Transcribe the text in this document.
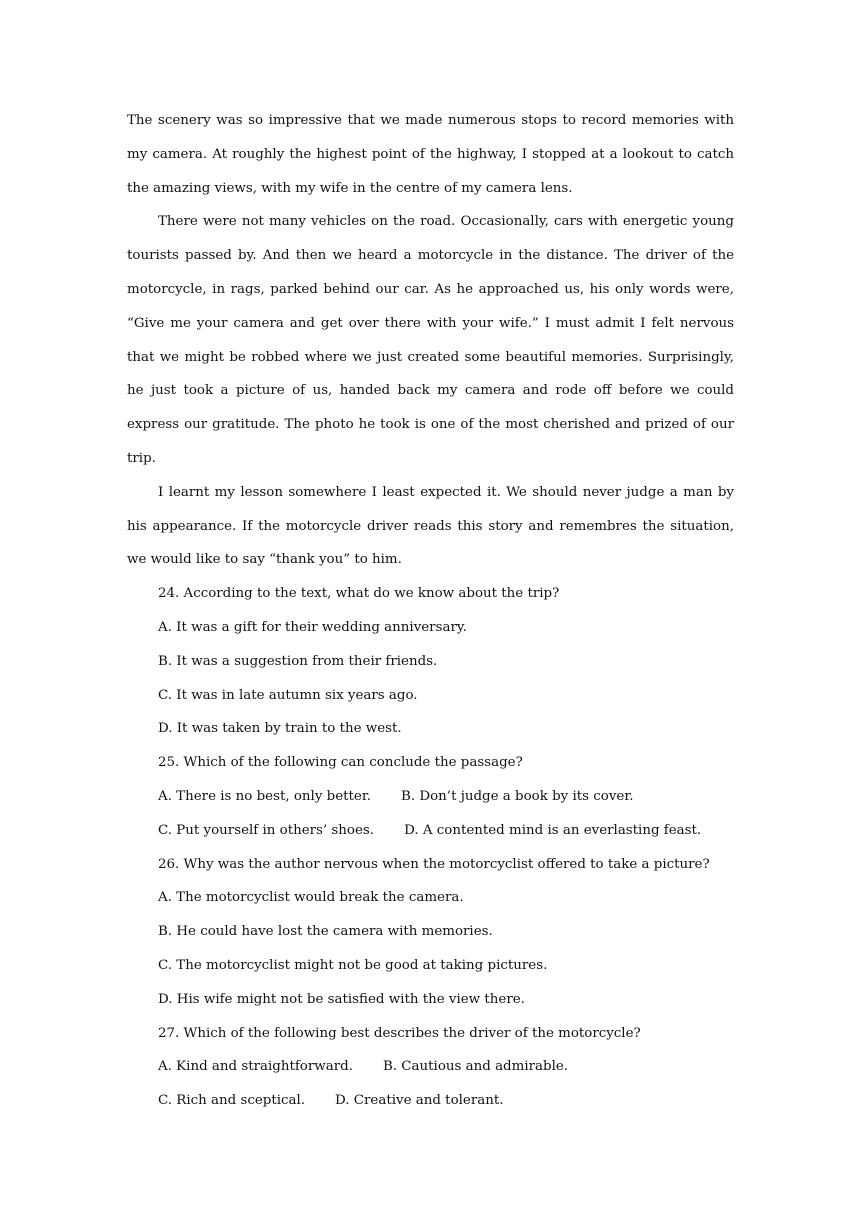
The scenery was so impressive that we made numerous stops to record memories with my camera. At roughly the highest point of the highway, I stopped at a lookout to catch the amazing views, with my wife in the centre of my camera lens.

There were not many vehicles on the road. Occasionally, cars with energetic young tourists passed by. And then we heard a motorcycle in the distance. The driver of the motorcycle, in rags, parked behind our car. As he approached us, his only words were, “Give me your camera and get over there with your wife.” I must admit I felt nervous that we might be robbed where we just created some beautiful memories. Surprisingly, he just took a picture of us, handed back my camera and rode off before we could express our gratitude. The photo he took is one of the most cherished and prized of our trip.

I learnt my lesson somewhere I least expected it. We should never judge a man by his appearance. If the motorcycle driver reads this story and remembres the situation, we would like to say “thank you” to him.

24. According to the text, what do we know about the trip?

A. It was a gift for their wedding anniversary.

B. It was a suggestion from their friends.

C. It was in late autumn six years ago.

D. It was taken by train to the west.

25. Which of the following can conclude the passage?

A. There is no best, only better. B. Don’t judge a book by its cover.

C. Put yourself in others’ shoes. D. A contented mind is an everlasting feast.

26. Why was the author nervous when the motorcyclist offered to take a picture?

A. The motorcyclist would break the camera.

B. He could have lost the camera with memories.

C. The motorcyclist might not be good at taking pictures.

D. His wife might not be satisfied with the view there.

27. Which of the following best describes the driver of the motorcycle?

A. Kind and straightforward. B. Cautious and admirable.

C. Rich and sceptical. D. Creative and tolerant.
